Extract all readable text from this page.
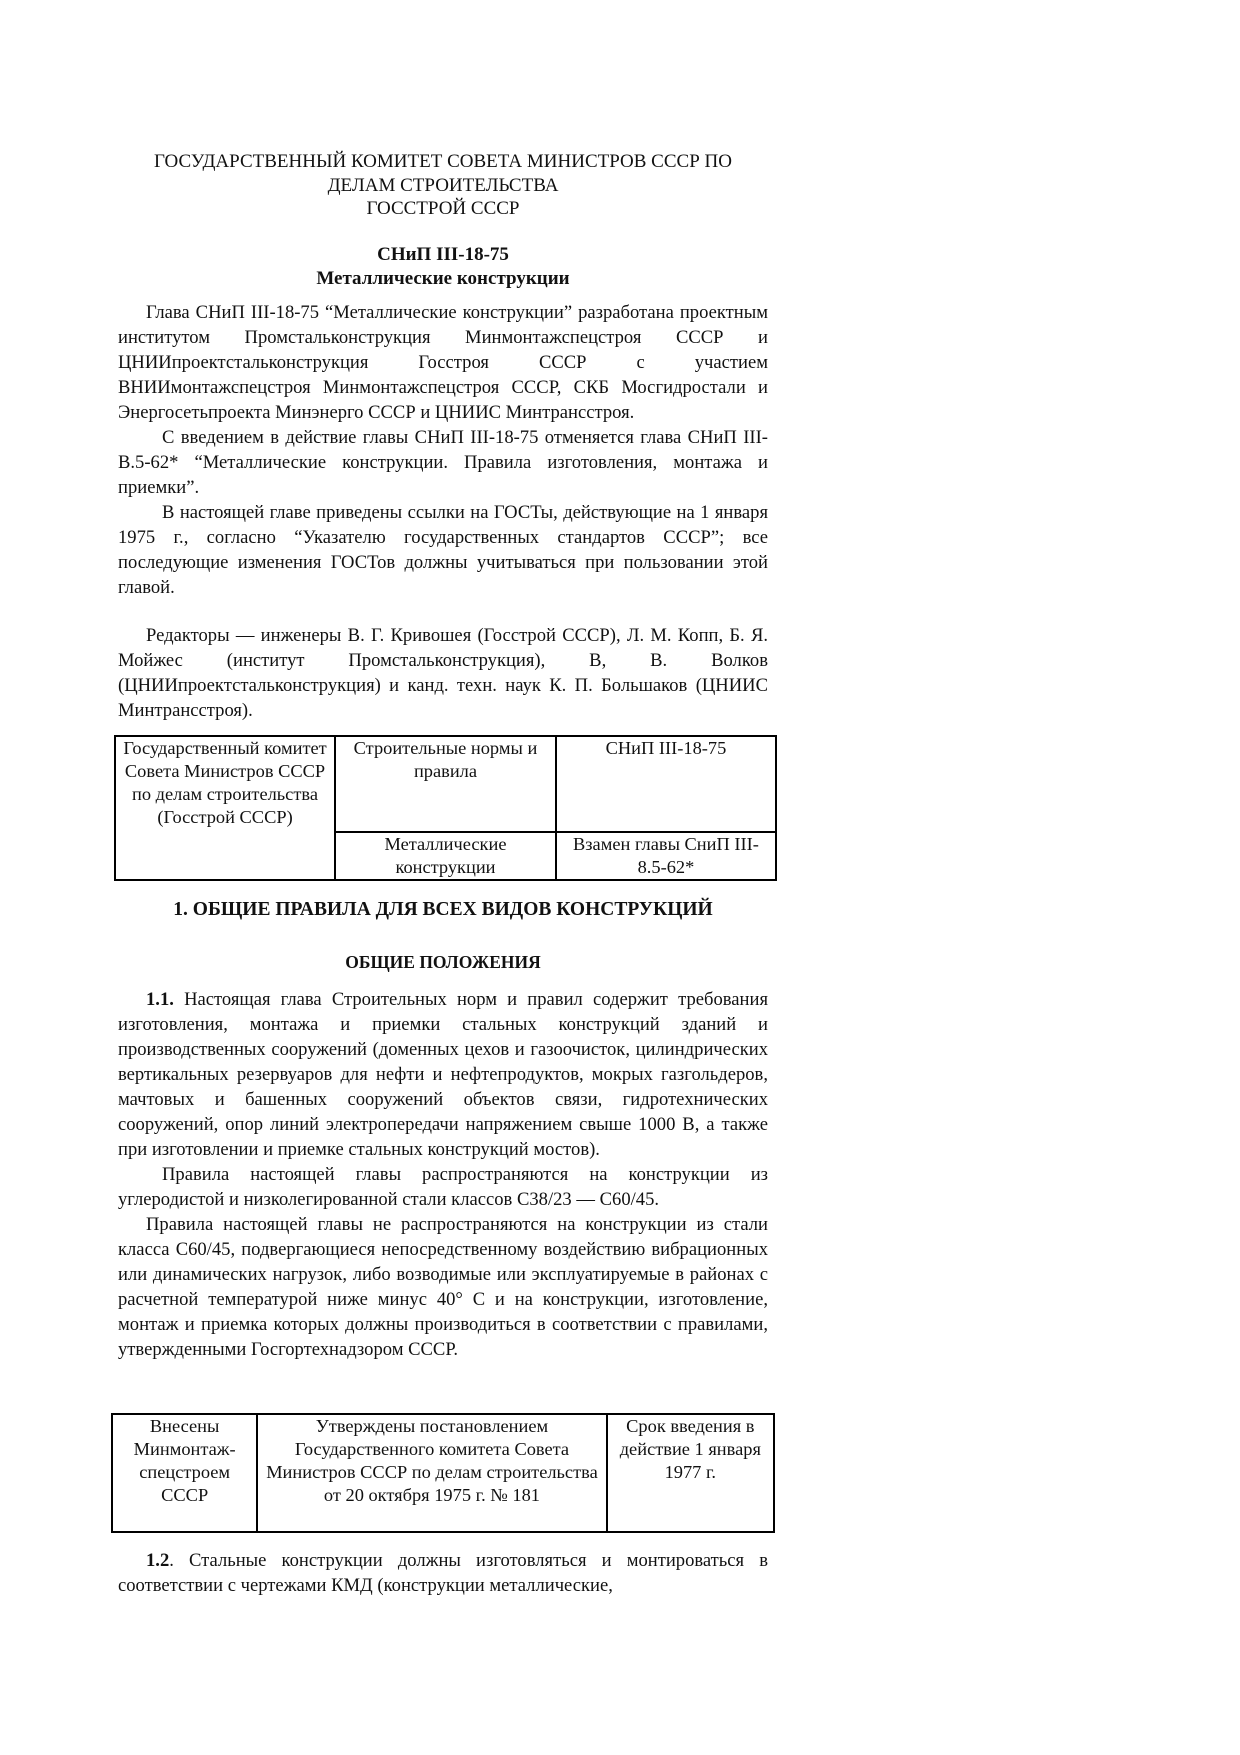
ГОСУДАРСТВЕННЫЙ КОМИТЕТ СОВЕТА МИНИСТРОВ СССР ПО
ДЕЛАМ СТРОИТЕЛЬСТВА
ГОССТРОЙ СССР
СНиП III-18-75
Металлические конструкции

Глава СНиП III-18-75 “Металлические конструкции” разработана проектным институтом Промстальконструкция Минмонтажспецстроя СССР и ЦНИИпроектстальконструкция Госстроя СССР с участием ВНИИмонтажспецстроя Минмонтажспецстроя СССР, СКБ Мосгидростали и Энергосетьпроекта Минэнерго СССР и ЦНИИС Минтрансстроя.

С введением в действие главы СНиП III-18-75 отменяется глава СНиП III-В.5-62* “Металлические конструкции. Правила изготовления, монтажа и приемки”.

В настоящей главе приведены ссылки на ГОСТы, действующие на 1 января 1975 г., согласно “Указателю государственных стандартов СССР”; все последующие изменения ГОСТов должны учитываться при пользовании этой главой.

Редакторы — инженеры В. Г. Кривошея (Госстрой СССР), Л. М. Копп, Б. Я. Мойжес (институт Промстальконструкция), В, В. Волков (ЦНИИпроектстальконструкция) и канд. техн. наук К. П. Большаков (ЦНИИС Минтрансстроя).

Государственный комитет Совета Министров СССР по делам строительства (Госстрой СССР)	Строительные нормы и правила	СНиП III-18-75
	Металлические конструкции	Взамен главы СниП III-8.5-62*
1. ОБЩИЕ ПРАВИЛА ДЛЯ ВСЕХ ВИДОВ КОНСТРУКЦИЙ
ОБЩИЕ ПОЛОЖЕНИЯ

1.1. Настоящая глава Строительных норм и правил содержит требования изготовления, монтажа и приемки стальных конструкций зданий и производственных сооружений (доменных цехов и газоочисток, цилиндрических вертикальных резервуаров для нефти и нефтепродуктов, мокрых газгольдеров, мачтовых и башенных сооружений объектов связи, гидротехнических сооружений, опор линий электропередачи напряжением свыше 1000 В, а также при изготовлении и приемке стальных конструкций мостов).

Правила настоящей главы распространяются на конструкции из углеродистой и низколегированной стали классов С38/23 — С60/45.

Правила настоящей главы не распространяются на конструкции из стали класса С60/45, подвергающиеся непосредственному воздействию вибрационных или динамических нагрузок, либо возводимые или эксплуатируемые в районах с расчетной температурой ниже минус 40° С и на конструкции, изготовление, монтаж и приемка которых должны производиться в соответствии с правилами, утвержденными Госгортехнадзором СССР.

Внесены Минмонтаж-спецстроем СССР	Утверждены постановлением Государственного комитета Совета Министров СССР по делам строительства от 20 октября 1975 г. № 181	Срок введения в действие 1 января 1977 г.

1.2. Стальные конструкции должны изготовляться и монтироваться в соответствии с чертежами КМД (конструкции металлические,
